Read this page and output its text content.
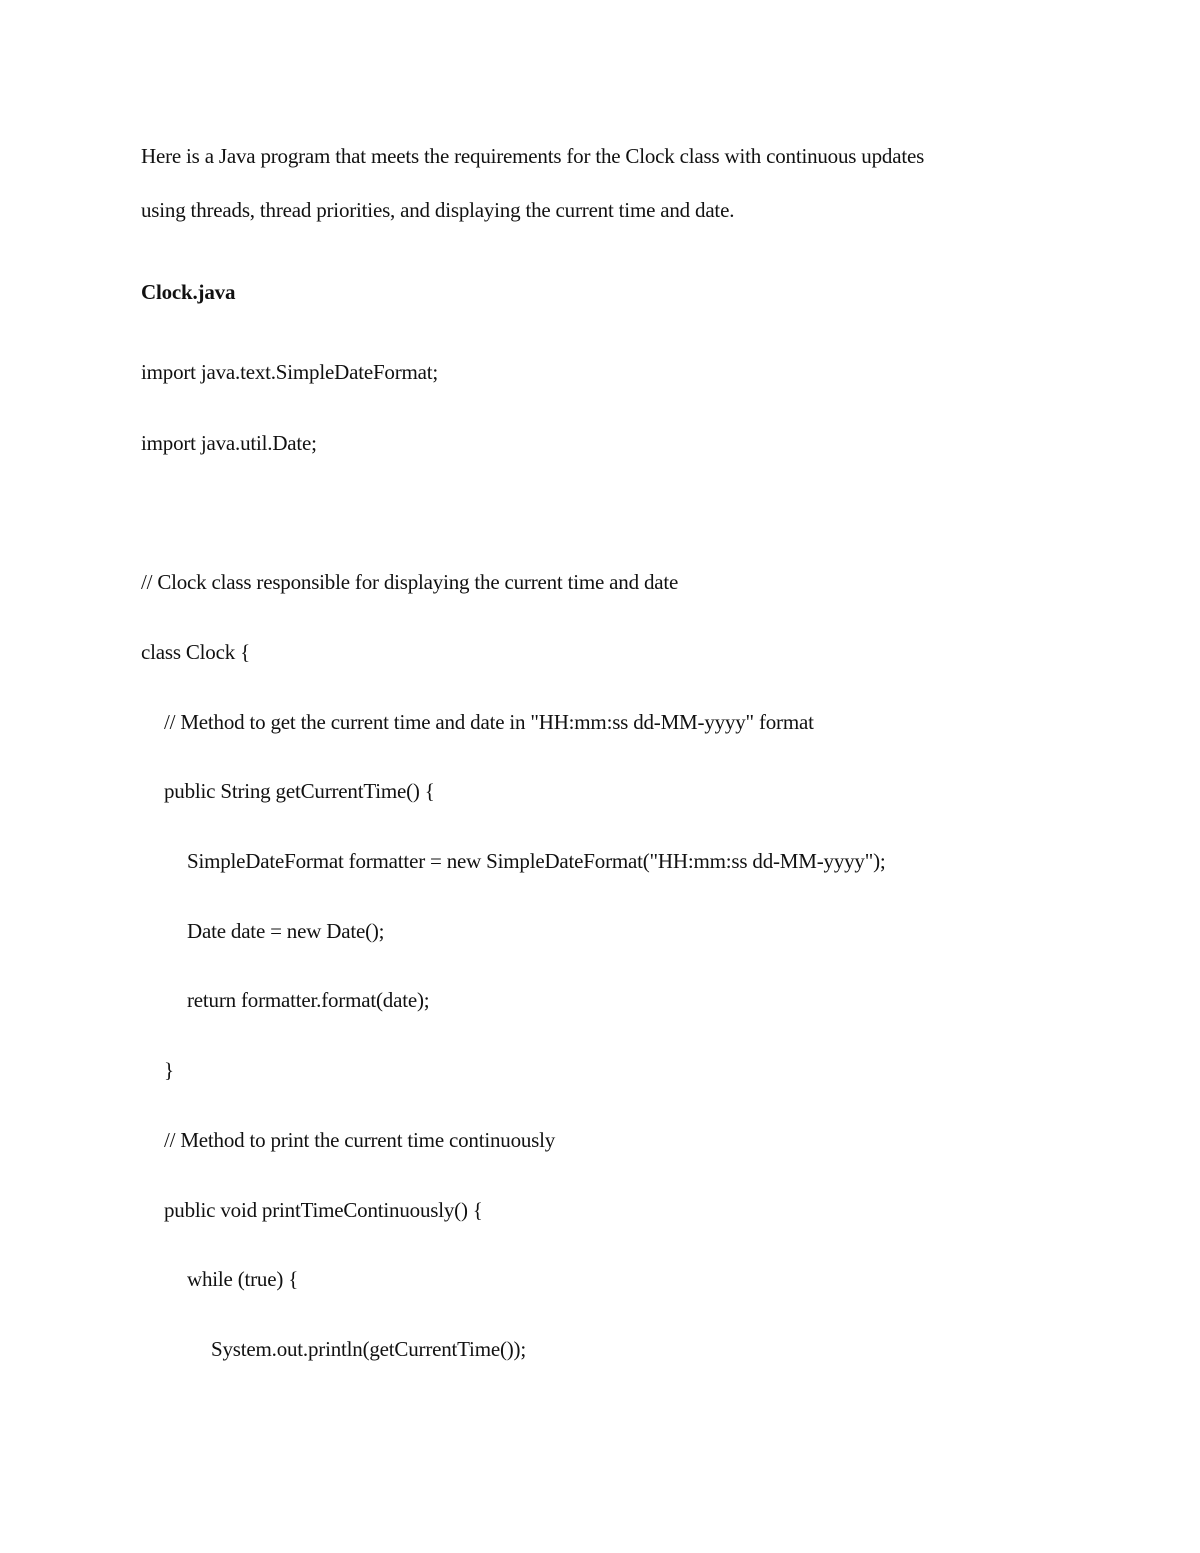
Here is a Java program that meets the requirements for the Clock class with continuous updates
using threads, thread priorities, and displaying the current time and date.
Clock.java
import java.text.SimpleDateFormat;
import java.util.Date;
// Clock class responsible for displaying the current time and date
class Clock {
// Method to get the current time and date in "HH:mm:ss dd-MM-yyyy" format
public String getCurrentTime() {
SimpleDateFormat formatter = new SimpleDateFormat("HH:mm:ss dd-MM-yyyy");
Date date = new Date();
return formatter.format(date);
}
// Method to print the current time continuously
public void printTimeContinuously() {
while (true) {
System.out.println(getCurrentTime());
